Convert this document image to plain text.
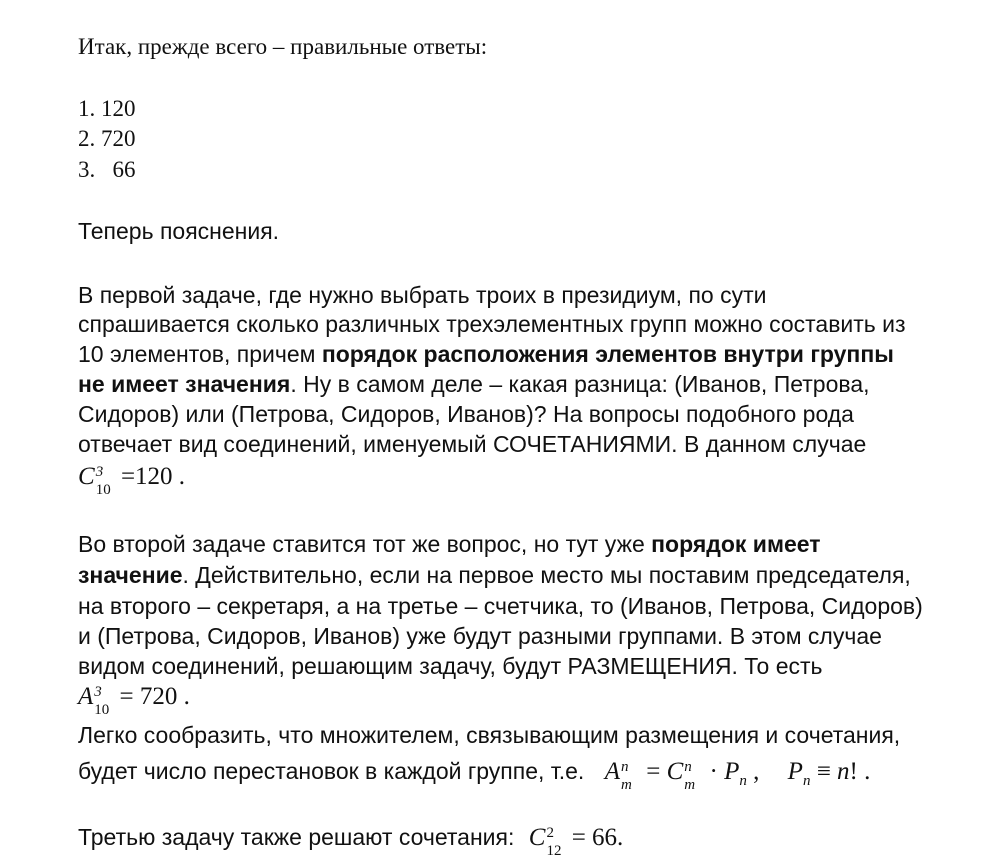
Итак, прежде всего – правильные ответы:
1. 120
2. 720
3.   66
Теперь пояснения.
В первой задаче, где нужно выбрать троих в президиум, по сути
спрашивается сколько различных трехэлементных групп можно составить из
10 элементов, причем порядок расположения элементов внутри группы
не имеет значения. Ну в самом деле – какая разница: (Иванов, Петрова,
Сидоров) или (Петрова, Сидоров, Иванов)? На вопросы подобного рода
отвечает вид соединений, именуемый СОЧЕТАНИЯМИ. В данном случае
C 3
10
=120 .
Во второй задаче ставится тот же вопрос, но тут уже порядок имеет
значение. Действительно, если на первое место мы поставим председателя,
на второго – секретаря, а на третье – счетчика, то (Иванов, Петрова, Сидоров)
и (Петрова, Сидоров, Иванов) уже будут разными группами. В этом случае
видом соединений, решающим задачу, будут РАЗМЕЩЕНИЯ. То есть
A 3
10
= 720 .
Легко сообразить, что множителем, связывающим размещения и сочетания,
будет число перестановок в каждой группе, т.е. A n
m
= C n
m
· $P_n$ , $P_n \equiv n$! .
Третью задачу также решают сочетания: C 2
12
= 66.
